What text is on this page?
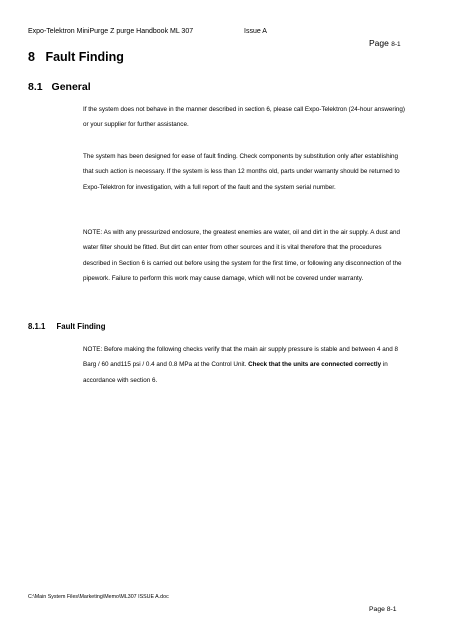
Expo-Telektron MiniPurge Z purge Handbook ML 307	Issue A
Page 8-1
8 Fault Finding
8.1 General

If the system does not behave in the manner described in section 6, please call Expo-Telektron (24-hour answering) or your supplier for further assistance.

The system has been designed for ease of fault finding. Check components by substitution only after establishing that such action is necessary. If the system is less than 12 months old, parts under warranty should be returned to Expo-Telektron for investigation, with a full report of the fault and the system serial number.

NOTE: As with any pressurized enclosure, the greatest enemies are water, oil and dirt in the air supply. A dust and water filter should be fitted. But dirt can enter from other sources and it is vital therefore that the procedures described in Section 6 is carried out before using the system for the first time, or following any disconnection of the pipework. Failure to perform this work may cause damage, which will not be covered under warranty.

8.1.1 Fault Finding

NOTE: Before making the following checks verify that the main air supply pressure is stable and between 4 and 8 Barg / 60 and115 psi / 0.4 and 0.8 MPa at the Control Unit. Check that the units are connected correctly in accordance with section 6.

C:\Main System Files\Marketing\Memo\ML307 ISSUE A.doc
Page 8-1
